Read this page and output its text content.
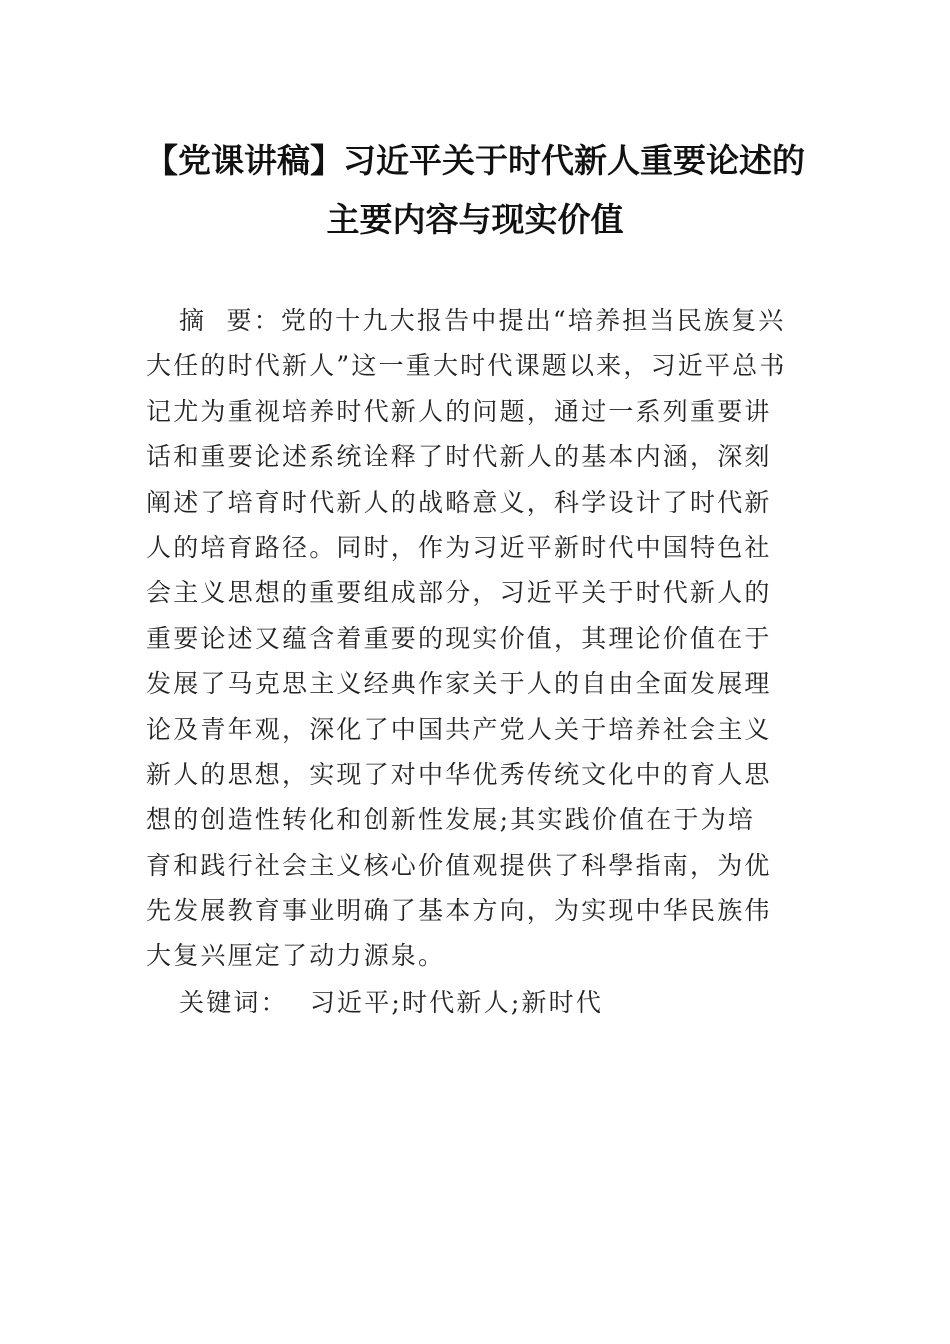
【党课讲稿】习近平关于时代新人重要论述的
主要内容与现实价值
摘  要：党的十九大报告中提出“培养担当民族复兴
大任的时代新人”这一重大时代课题以来，习近平总书
记尤为重视培养时代新人的问题，通过一系列重要讲
话和重要论述系统诠释了时代新人的基本内涵，深刻
阐述了培育时代新人的战略意义，科学设计了时代新
人的培育路径。同时，作为习近平新时代中国特色社
会主义思想的重要组成部分，习近平关于时代新人的
重要论述又蕴含着重要的现实价值，其理论价值在于
发展了马克思主义经典作家关于人的自由全面发展理
论及青年观，深化了中国共产党人关于培养社会主义
新人的思想，实现了对中华优秀传统文化中的育人思
想的创造性转化和创新性发展;其实践价值在于为培
育和践行社会主义核心价值观提供了科學指南，为优
先发展教育事业明确了基本方向，为实现中华民族伟
大复兴厘定了动力源泉。
关键词： 习近平;时代新人;新时代
